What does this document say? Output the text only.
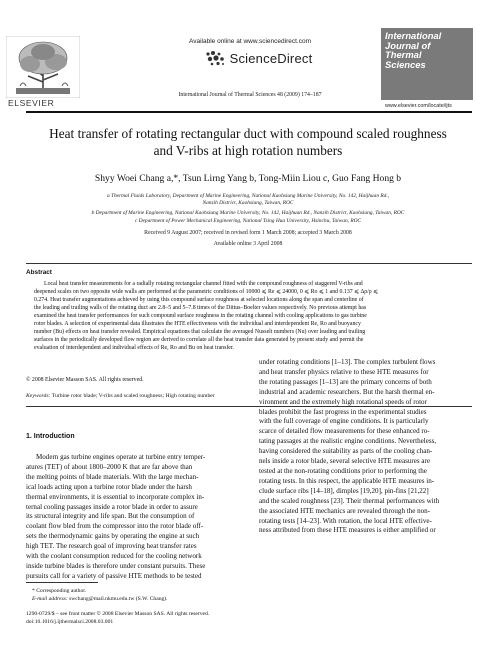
ELSEVIER
Available online at www.sciencedirect.com
ScienceDirect
International Journal of Thermal Sciences 48 (2009) 174–187
International
Journal of
Thermal
Sciences
www.elsevier.com/locate/ijts
Heat transfer of rotating rectangular duct with compound scaled roughness
and V-ribs at high rotation numbers
Shyy Woei Chang a,*, Tsun Lirng Yang b, Tong-Miin Liou c, Guo Fang Hong b
a Thermal Fluids Laboratory, Department of Marine Engineering, National Kaohsiung Marine University, No. 142, Haijhuan Rd.,
Nanzih District, Kaohsiung, Taiwan, ROC
b Department of Marine Engineering, National Kaohsiung Marine University, No. 142, Haijhuan Rd., Nanzih District, Kaohsiung, Taiwan, ROC
c Department of Power Mechanical Engineering, National Tsing Hua University, Hsinchu, Taiwan, ROC
Received 9 August 2007; received in revised form 1 March 2008; accepted 3 March 2008
Available online 3 April 2008
Abstract
Local heat transfer measurements for a radially rotating rectangular channel fitted with the compound roughness of staggered V-ribs and
deepened scales on two opposite wide walls are performed at the parametric conditions of 10000 ⩽ Re ⩽ 24000, 0 ⩽ Ro ⩽ 1 and 0.137 ⩽ Δρ/ρ ⩽
0.274. Heat transfer augmentations achieved by using this compound surface roughness at selected locations along the span and centerline of
the leading and trailing walls of the rotating duct are 2.8–5 and 5–7.8 times of the Dittus–Boelter values respectively. No previous attempt has
examined the heat transfer performances for such compound surface roughness in the rotating channel with cooling applications to gas turbine
rotor blades. A selection of experimental data illustrates the HTE effectiveness with the individual and interdependent Re, Ro and buoyancy
number (Bu) effects on heat transfer revealed. Empirical equations that calculate the averaged Nusselt numbers (Nu) over leading and trailing
surfaces in the periodically developed flow region are derived to correlate all the heat transfer data generated by present study and permit the
evaluation of interdependent and individual effects of Re, Ro and Bu on heat transfer.
© 2008 Elsevier Masson SAS. All rights reserved.
Keywords: Turbine rotor blade; V-ribs and scaled roughness; High rotating number
1. Introduction
Modern gas turbine engines operate at turbine entry temper-
atures (TET) of about 1800–2000 K that are far above than
the melting points of blade materials. With the large mechan-
ical loads acting upon a turbine rotor blade under the harsh
thermal environments, it is essential to incorporate complex in-
ternal cooling passages inside a rotor blade in order to assure
its structural integrity and life span. But the consumption of
coolant flow bled from the compressor into the rotor blade off-
sets the thermodynamic gains by operating the engine at such
high TET. The research goal of improving heat transfer rates
with the coolant consumption reduced for the cooling network
inside turbine blades is therefore under constant pursuits. These
pursuits call for a variety of passive HTE methods to be tested
under rotating conditions [1–13]. The complex turbulent flows
and heat transfer physics relative to these HTE measures for
the rotating passages [1–13] are the primary concerns of both
industrial and academic researchers. But the harsh thermal en-
vironment and the extremely high rotational speeds of rotor
blades prohibit the fast progress in the experimental studies
with the full coverage of engine conditions. It is particularly
scarce of detailed flow measurements for these enhanced ro-
tating passages at the realistic engine conditions. Nevertheless,
having considered the suitability as parts of the cooling chan-
nels inside a rotor blade, several selective HTE measures are
tested at the non-rotating conditions prior to performing the
rotating tests. In this respect, the applicable HTE measures in-
clude surface ribs [14–18], dimples [19,20], pin-fins [21,22]
and the scaled roughness [23]. Their thermal performances with
the associated HTE mechanics are revealed through the non-
rotating tests [14–23]. With rotation, the local HTE effective-
ness attributed from these HTE measures is either amplified or
* Corresponding author.
E-mail address: swchang@mail.nkmu.edu.tw (S.W. Chang).
1290-0729/$ – see front matter © 2008 Elsevier Masson SAS. All rights reserved.
doi:10.1016/j.ijthermalsci.2008.03.001
